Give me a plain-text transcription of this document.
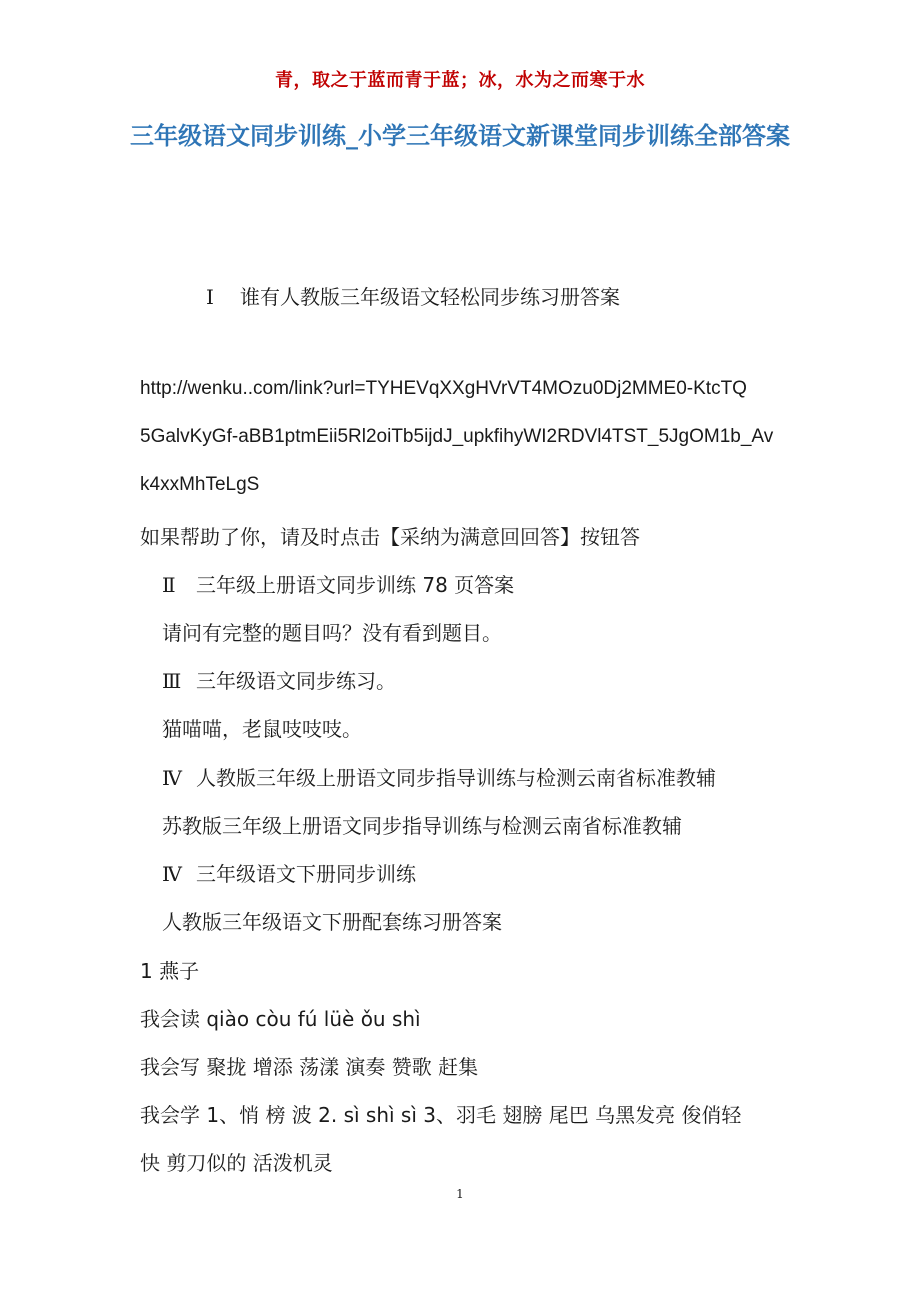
青，取之于蓝而青于蓝；冰，水为之而寒于水
三年级语文同步训练_小学三年级语文新课堂同步训练全部答案
Ⅰ 谁有人教版三年级语文轻松同步练习册答案
http://wenku..com/link?url=TYHEVqXXgHVrVT4MOzu0Dj2MME0-KtcTQ
5GalvKyGf-aBB1ptmEii5Rl2oiTb5ijdJ_upkfihyWI2RDVl4TST_5JgOM1b_Av
k4xxMhTeLgS
如果帮助了你，请及时点击【采纳为满意回回答】按钮答
Ⅱ 三年级上册语文同步训练 78 页答案
请问有完整的题目吗？没有看到题目。
Ⅲ 三年级语文同步练习。
猫喵喵，老鼠吱吱吱。
Ⅳ 人教版三年级上册语文同步指导训练与检测云南省标准教辅
苏教版三年级上册语文同步指导训练与检测云南省标准教辅
Ⅳ 三年级语文下册同步训练
人教版三年级语文下册配套练习册答案
1 燕子
我会读 qiào còu fú lüè ǒu shì
我会写 聚拢 增添 荡漾 演奏 赞歌 赶集
我会学 1、悄 榜 波 2. sì shì sì 3、羽毛 翅膀 尾巴 乌黑发亮 俊俏轻
快 剪刀似的 活泼机灵
1
